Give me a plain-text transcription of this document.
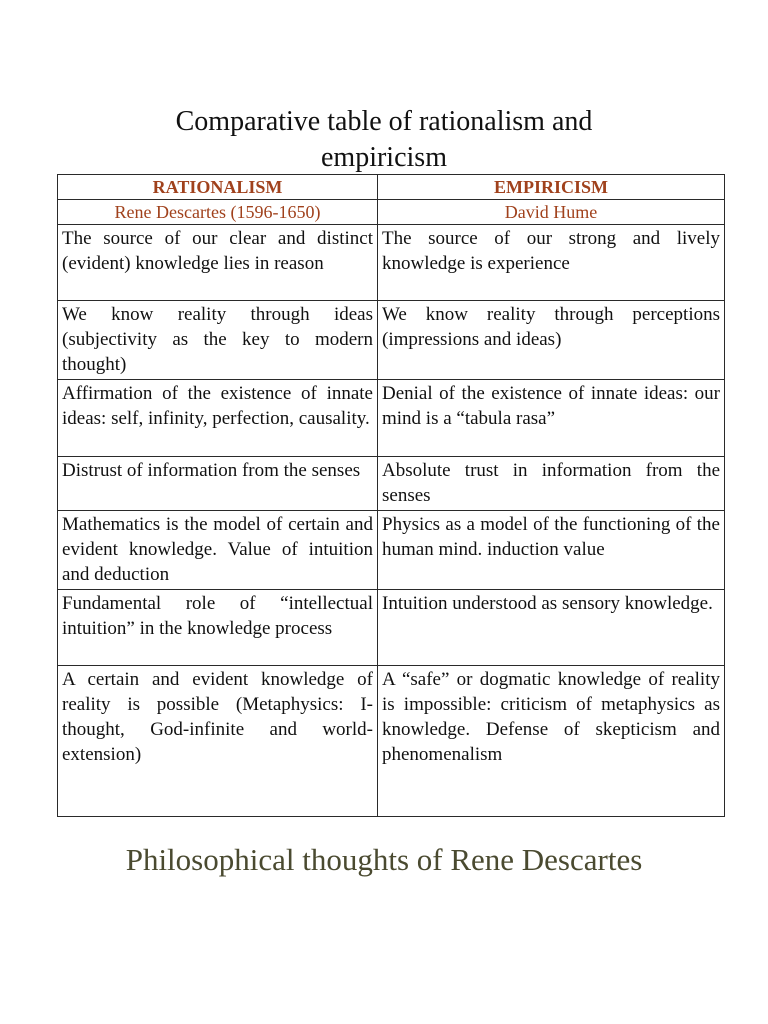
Comparative table of rationalism and
empiricism
RATIONALISM	EMPIRICISM
Rene Descartes (1596-1650)	David Hume
The source of our clear and distinct (evident) knowledge lies in reason	The source of our strong and lively knowledge is experience
We know reality through ideas (subjectivity as the key to modern thought)	We know reality through perceptions (impressions and ideas)
Affirmation of the existence of innate ideas: self, infinity, perfection, causality.	Denial of the existence of innate ideas: our mind is a “tabula rasa”
Distrust of information from the senses	Absolute trust in information from the senses
Mathematics is the model of certain and evident knowledge. Value of intuition and deduction	Physics as a model of the functioning of the human mind. induction value
Fundamental role of “intellectual intuition” in the knowledge process	Intuition understood as sensory knowledge.
A certain and evident knowledge of reality is possible (Metaphysics: I-thought, God-infinite and world-extension)	A “safe” or dogmatic knowledge of reality is impossible: criticism of metaphysics as knowledge. Defense of skepticism and phenomenalism
Philosophical thoughts of Rene Descartes
